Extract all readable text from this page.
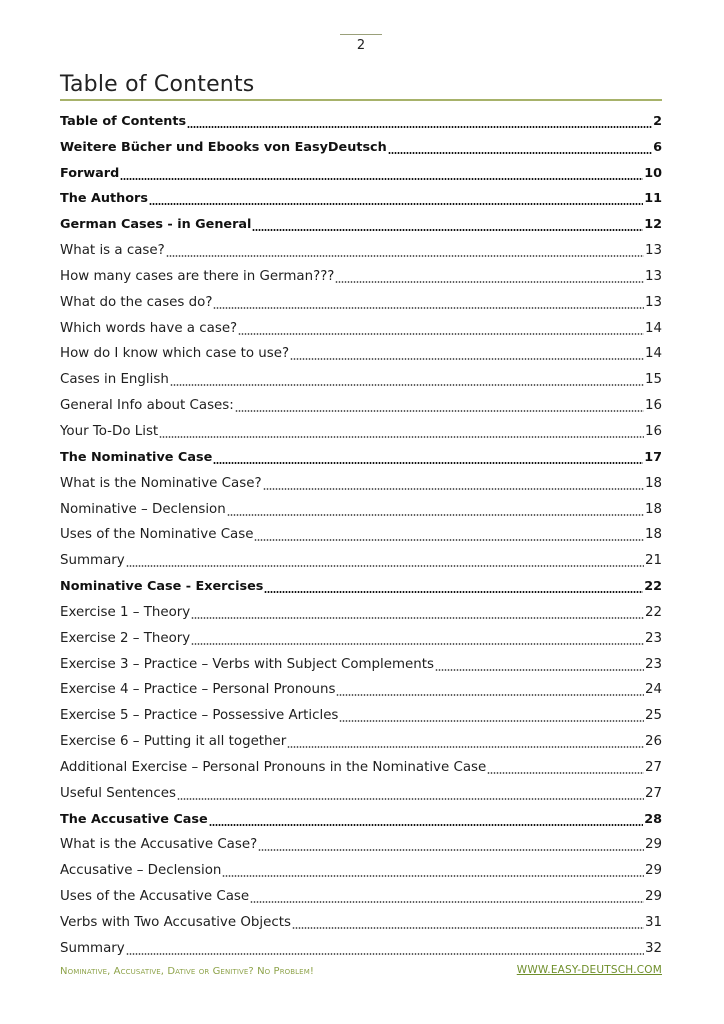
2
Table of Contents
Table of Contents	2
Weitere Bücher und Ebooks von EasyDeutsch	6
Forward	10
The Authors	11
German Cases - in General	12
What is a case?	13
How many cases are there in German???	13
What do the cases do?	13
Which words have a case?	14
How do I know which case to use?	14
Cases in English	15
General Info about Cases:	16
Your To-Do List	16
The Nominative Case	17
What is the Nominative Case?	18
Nominative – Declension	18
Uses of the Nominative Case	18
Summary	21
Nominative Case - Exercises	22
Exercise 1 – Theory	22
Exercise 2 – Theory	23
Exercise 3 – Practice – Verbs with Subject Complements	23
Exercise 4 – Practice – Personal Pronouns	24
Exercise 5 – Practice – Possessive Articles	25
Exercise 6 – Putting it all together	26
Additional Exercise – Personal Pronouns in the Nominative Case	27
Useful Sentences	27
The Accusative Case	28
What is the Accusative Case?	29
Accusative – Declension	29
Uses of the Accusative Case	29
Verbs with Two Accusative Objects	31
Summary	32
Nominative, Accusative, Dative or Genitive? No Problem!	WWW.EASY-DEUTSCH.COM
